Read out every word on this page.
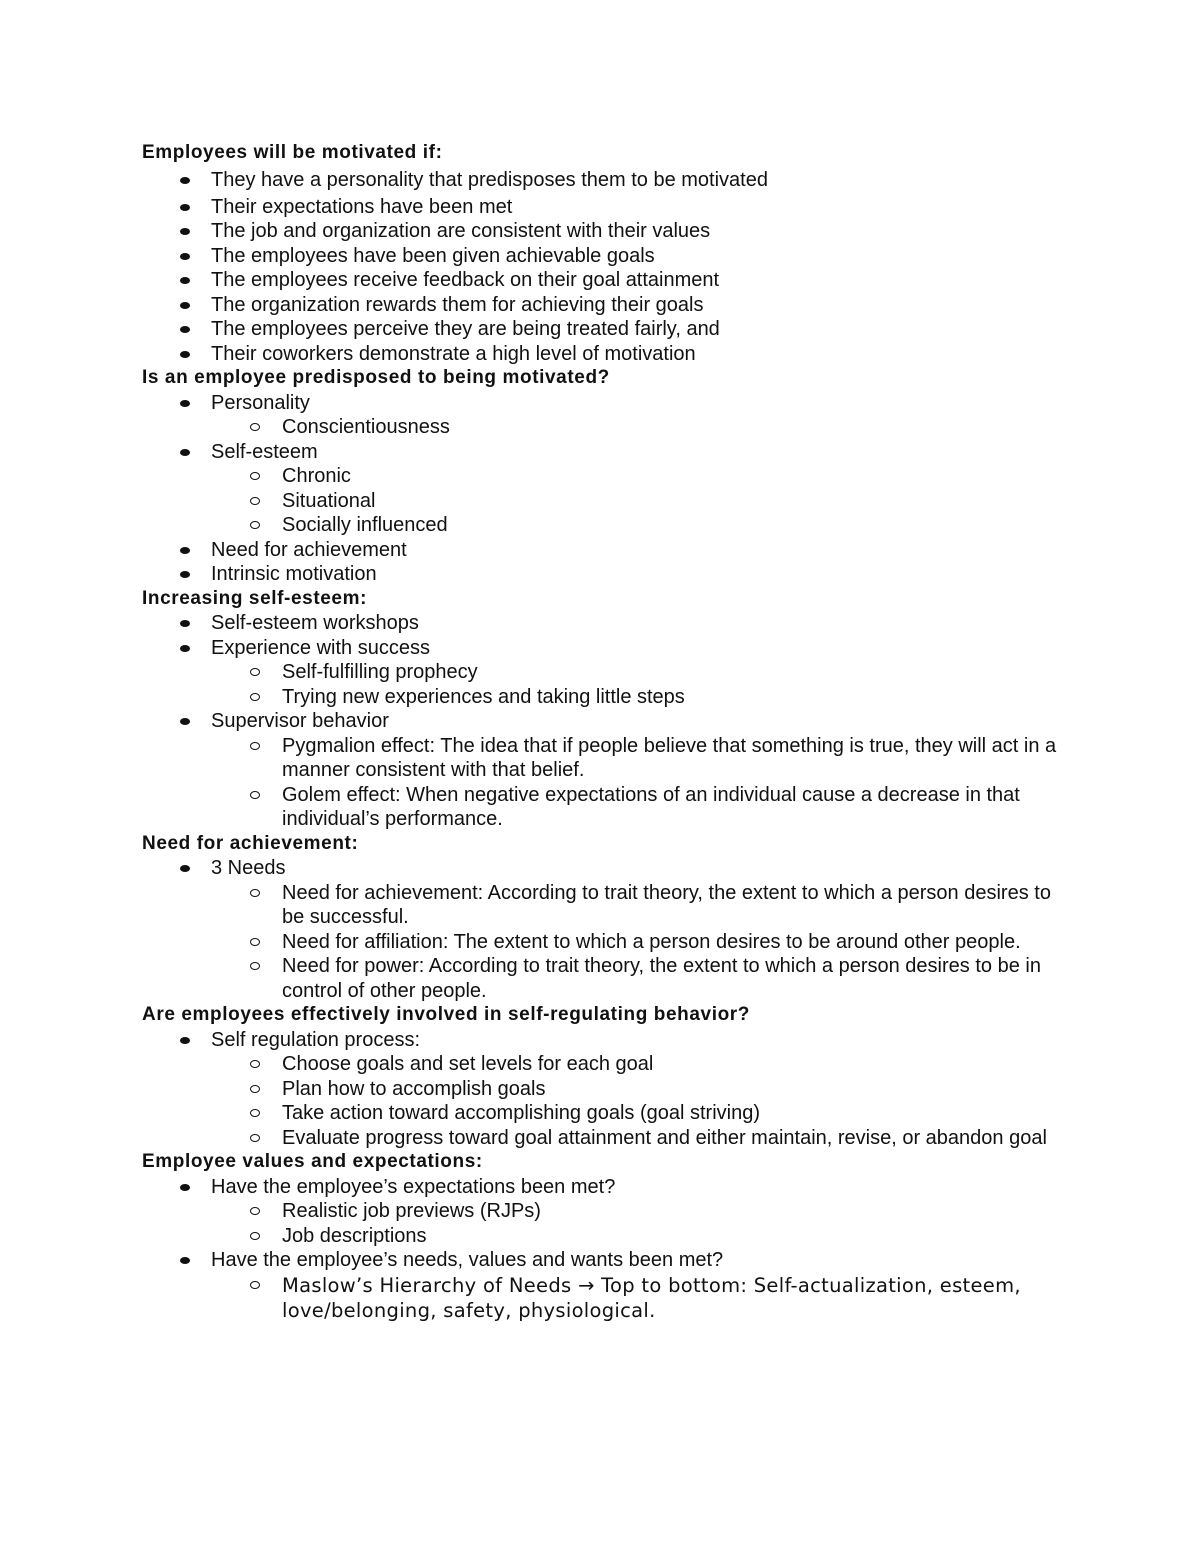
Employees will be motivated if:
They have a personality that predisposes them to be motivated
Their expectations have been met
The job and organization are consistent with their values
The employees have been given achievable goals
The employees receive feedback on their goal attainment
The organization rewards them for achieving their goals
The employees perceive they are being treated fairly, and
Their coworkers demonstrate a high level of motivation
Is an employee predisposed to being motivated?
Personality
Conscientiousness
Self-esteem
Chronic
Situational
Socially influenced
Need for achievement
Intrinsic motivation
Increasing self-esteem:
Self-esteem workshops
Experience with success
Self-fulfilling prophecy
Trying new experiences and taking little steps
Supervisor behavior
Pygmalion effect: The idea that if people believe that something is true, they will act in a manner consistent with that belief.
Golem effect: When negative expectations of an individual cause a decrease in that individual’s performance.
Need for achievement:
3 Needs
Need for achievement: According to trait theory, the extent to which a person desires to be successful.
Need for affiliation: The extent to which a person desires to be around other people.
Need for power: According to trait theory, the extent to which a person desires to be in control of other people.
Are employees effectively involved in self-regulating behavior?
Self regulation process:
Choose goals and set levels for each goal
Plan how to accomplish goals
Take action toward accomplishing goals (goal striving)
Evaluate progress toward goal attainment and either maintain, revise, or abandon goal
Employee values and expectations:
Have the employee’s expectations been met?
Realistic job previews (RJPs)
Job descriptions
Have the employee’s needs, values and wants been met?
Maslow’s Hierarchy of Needs → Top to bottom: Self-actualization, esteem, love/belonging, safety, physiological.
